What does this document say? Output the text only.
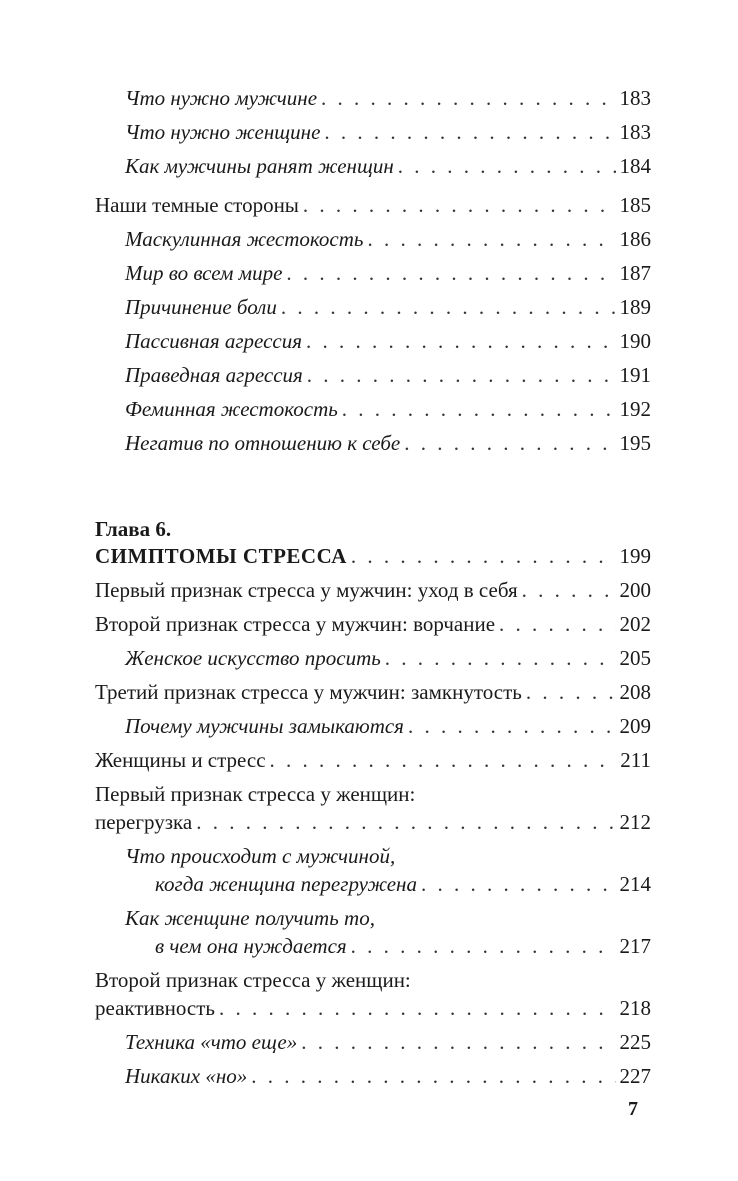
Что нужно мужчине . . .	183
Что нужно женщине . . .	183
Как мужчины ранят женщин . . .	184
Наши темные стороны . . .	185
Маскулинная жестокость . . .	186
Мир во всем мире . . .	187
Причинение боли . . .	189
Пассивная агрессия . . .	190
Праведная агрессия . . .	191
Феминная жестокость . . .	192
Негатив по отношению к себе . . .	195
Глава 6.
СИМПТОМЫ СТРЕССА . . .	199
Первый признак стресса у мужчин: уход в себя . . .	200
Второй признак стресса у мужчин: ворчание . . .	202
Женское искусство просить . . .	205
Третий признак стресса у мужчин: замкнутость . . .	208
Почему мужчины замыкаются . . .	209
Женщины и стресс . . .	211
Первый признак стресса у женщин:
перегрузка . . .	212
Что происходит с мужчиной,
когда женщина перегружена . . .	214
Как женщине получить то,
в чем она нуждается . . .	217
Второй признак стресса у женщин:
реактивность . . .	218
Техника «что еще» . . .	225
Никаких «но» . . .	227
7
